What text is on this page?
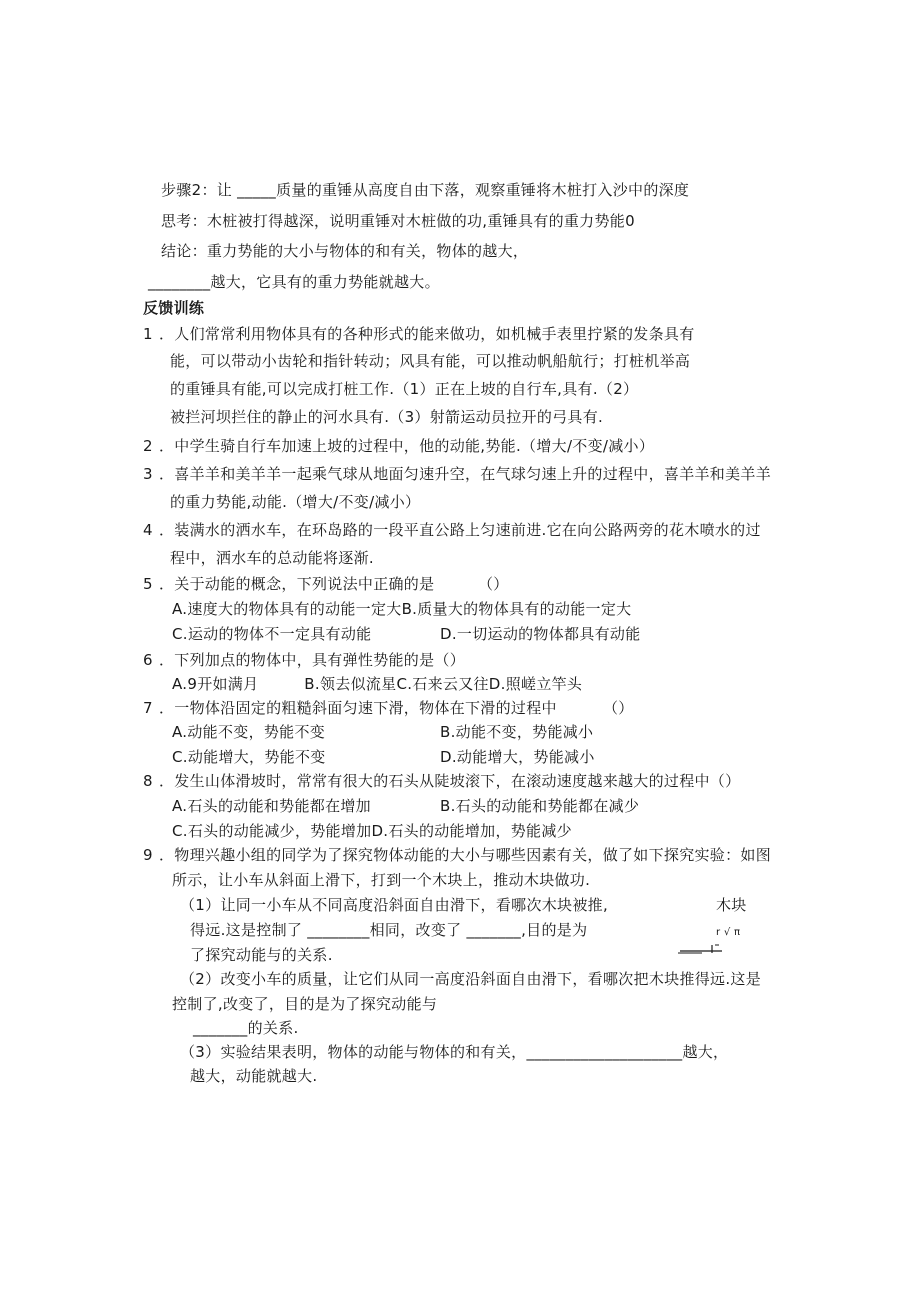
步骤2：让 _____质量的重锤从高度自由下落，观察重锤将木桩打入沙中的深度
思考：木桩被打得越深，说明重锤对木桩做的功,重锤具有的重力势能0
结论：重力势能的大小与物体的和有关，物体的越大，
________越大，它具有的重力势能就越大。
反馈训练
1 ．人们常常利用物体具有的各种形式的能来做功，如机械手表里拧紧的发条具有
能，可以带动小齿轮和指针转动；风具有能，可以推动帆船航行；打桩机举高
的重锤具有能,可以完成打桩工作.（1）正在上坡的自行车,具有.（2）
被拦河坝拦住的静止的河水具有.（3）射箭运动员拉开的弓具有.
2 ．中学生骑自行车加速上坡的过程中，他的动能,势能.（增大/不变/减小）
3 ．喜羊羊和美羊羊一起乘气球从地面匀速升空，在气球匀速上升的过程中，喜羊羊和美羊羊
的重力势能,动能.（增大/不变/减小）
4 ．装满水的洒水车，在环岛路的一段平直公路上匀速前进.它在向公路两旁的花木喷水的过
程中，洒水车的总动能将逐渐.
5 ．关于动能的概念，下列说法中正确的是	（）
A.速度大的物体具有的动能一定大B.质量大的物体具有的动能一定大
C.运动的物体不一定具有动能	D.一切运动的物体都具有动能
6 ．下列加点的物体中，具有弹性势能的是（）
A.9开如满月　　　B.领去似流星C.石来云又往D.照嵯立竿头
7 ．一物体沿固定的粗糙斜面匀速下滑，物体在下滑的过程中	（）
A.动能不变，势能不变	B.动能不变，势能减小
C.动能增大，势能不变	D.动能增大，势能减小
8 ．发生山体滑坡时，常常有很大的石头从陡坡滚下，在滚动速度越来越大的过程中（）
A.石头的动能和势能都在增加	B.石头的动能和势能都在减少
C.石头的动能减少，势能增加D.石头的动能增加，势能减少
9 ．物理兴趣小组的同学为了探究物体动能的大小与哪些因素有关，做了如下探究实验：如图
所示，让小车从斜面上滑下，打到一个木块上，推动木块做功.
（1）让同一小车从不同高度沿斜面自由滑下，看哪次木块被推,
得远.这是控制了 ________相同，改变了 _______,目的是为
了探究动能与的关系.
（2）改变小车的质量，让它们从同一高度沿斜面自由滑下，看哪次把木块推得远.这是
控制了,改变了，目的是为了探究动能与
_______的关系.
（3）实验结果表明，物体的动能与物体的和有关，____________________越大，
越大，动能就越大.
木块
r √ π
